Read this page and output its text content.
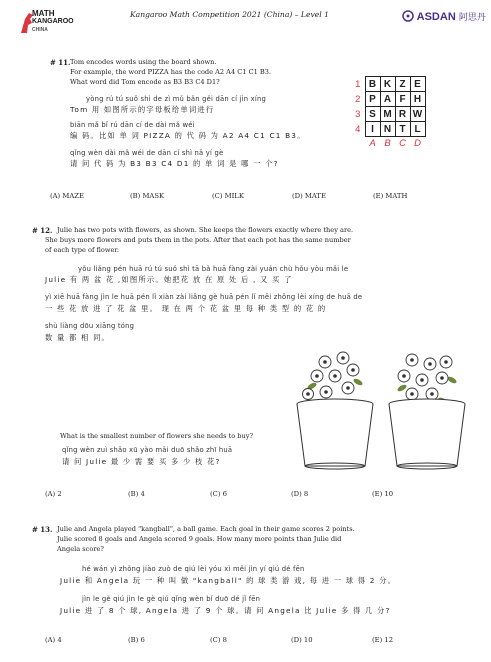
MATH
KANGAROO
CHINA
Kangaroo Math Competition 2021 (China) – Level 1	ASDAN 阿思丹
# 11. Tom encodes words using the board shown.
For example, the word PIZZA has the code A2 A4 C1 C1 B3.
What word did Tom encode as B3 B3 C4 D1?
yòng rú tú suǒ shì de zì mǔ bǎn gěi dān cí jìn xíng
Tom 用 如图所示的字母板给单词进行
biān mǎ bǐ rú dān cí de dài mǎ wéi
编 码。比如 单 词 PIZZA 的 代 码 为 A2 A4 C1 C1 B3。
qǐng wèn dài mǎ wéi de dān cí shì nǎ yí gè
请 问 代 码 为 B3 B3 C4 D1 的 单 词 是 哪 一 个?
1	B	K	Z	E
2	P	A	F	H
3	S	M	R	W
4	I	N	T	L
	A	B	C	D
(A) MAZE	(B) MASK	(C) MILK	(D) MATE	(E) MATH
# 12. Julie has two pots with flowers, as shown. She keeps the flowers exactly where they are.
She buys more flowers and puts them in the pots. After that each pot has the same number
of each type of flower.
yǒu liǎng pén huā rú tú suǒ shì tā bǎ huā fàng zài yuán chù hǒu yòu mǎi le
Julie 有 两 盆 花 ,如图所示。她把花 放 在 原 处 后 , 又 买 了
yì xiē huā fàng jìn le huā pén lǐ xiàn zài liǎng gè huā pén lǐ měi zhǒng lèi xíng de huā de
一 些 花 放 进 了 花 盆 里。 现 在 两 个 花 盆 里 每 种 类 型 的 花 的
shù liàng dōu xiāng tóng
数 量 都 相 同。
What is the smallest number of flowers she needs to buy?
qǐng wèn zuì shǎo xū yào mǎi duō shǎo zhī huā
请 问 Julie 最 少 需 要 买 多 少 枝 花?
(A) 2	(B) 4	(C) 6	(D) 8	(E) 10
# 13. Julie and Angela played "kangball", a ball game. Each goal in their game scores 2 points.
Julie scored 8 goals and Angela scored 9 goals. How many more points than Julie did
Angela score?
hé wán yì zhǒng jiào zuò de qiú lèi yóu xì měi jìn yí qiú dé fēn
Julie 和 Angela 玩 一 种 叫 做 "kangball" 的 球 类 游 戏, 每 进 一 球 得 2 分。
jìn le gè qiú jìn le gè qiú qǐng wèn bǐ duō dé jǐ fēn
Julie 进 了 8 个 球, Angela 进 了 9 个 球。请 问 Angela 比 Julie 多 得 几 分?
(A) 4	(B) 6	(C) 8	(D) 10	(E) 12
